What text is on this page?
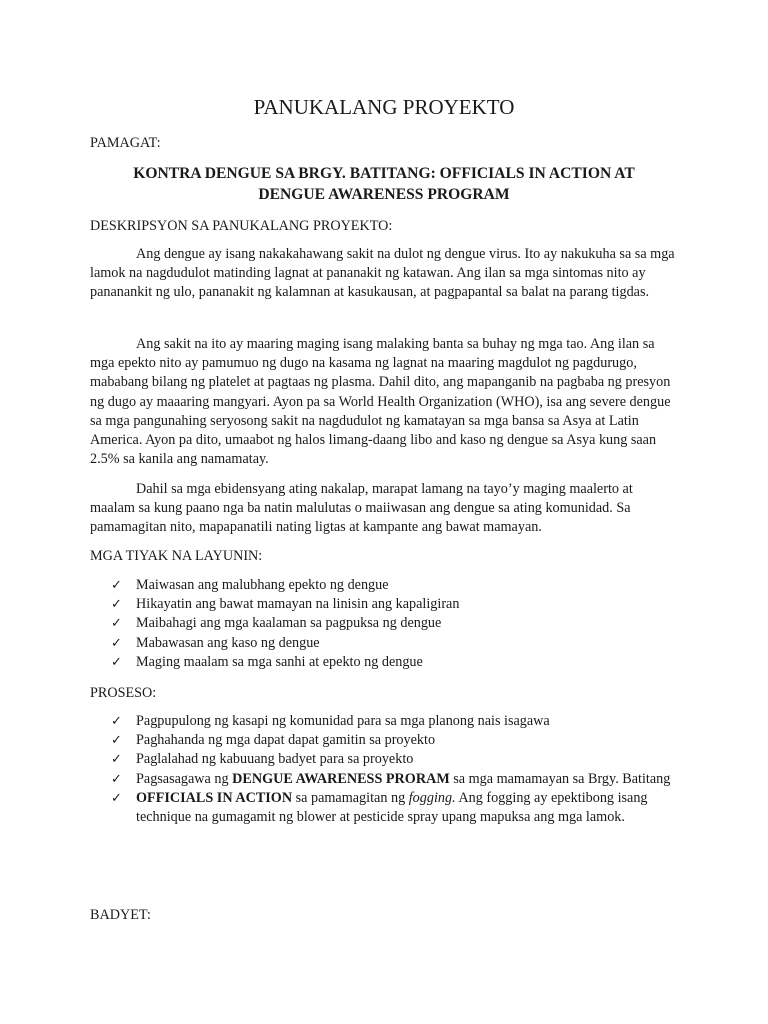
PANUKALANG PROYEKTO

PAMAGAT:

KONTRA DENGUE SA BRGY. BATITANG: OFFICIALS IN ACTION AT
DENGUE AWARENESS PROGRAM

DESKRIPSYON SA PANUKALANG PROYEKTO:

Ang dengue ay isang nakakahawang sakit na dulot ng dengue virus. Ito ay nakukuha sa sa mga lamok na nagdudulot matinding lagnat at pananakit ng katawan. Ang ilan sa mga sintomas nito ay pananankit ng ulo, pananakit ng kalamnan at kasukausan, at pagpapantal sa balat na parang tigdas.

Ang sakit na ito ay maaring maging isang malaking banta sa buhay ng mga tao. Ang ilan sa mga epekto nito ay pamumuo ng dugo na kasama ng lagnat na maaring magdulot ng pagdurugo, mababang bilang ng platelet at pagtaas ng plasma. Dahil dito, ang mapanganib na pagbaba ng presyon ng dugo ay maaaring mangyari. Ayon pa sa World Health Organization (WHO), isa ang severe dengue sa mga pangunahing seryosong sakit na nagdudulot ng kamatayan sa mga bansa sa Asya at Latin America. Ayon pa dito, umaabot ng halos limang-daang libo and kaso ng dengue sa Asya kung saan 2.5% sa kanila ang namamatay.

Dahil sa mga ebidensyang ating nakalap, marapat lamang na tayo’y maging maalerto at maalam sa kung paano nga ba natin malulutas o maiiwasan ang dengue sa ating komunidad. Sa pamamagitan nito, mapapanatili nating ligtas at kampante ang bawat mamayan.

MGA TIYAK NA LAYUNIN:

✓ Maiwasan ang malubhang epekto ng dengue
✓ Hikayatin ang bawat mamayan na linisin ang kapaligiran
✓ Maibahagi ang mga kaalaman sa pagpuksa ng dengue
✓ Mabawasan ang kaso ng dengue
✓ Maging maalam sa mga sanhi at epekto ng dengue

PROSESO:

✓ Pagpupulong ng kasapi ng komunidad para sa mga planong nais isagawa
✓ Paghahanda ng mga dapat dapat gamitin sa proyekto
✓ Paglalahad ng kabuuang badyet para sa proyekto
✓ Pagsasagawa ng DENGUE AWARENESS PRORAM sa mga mamamayan sa Brgy. Batitang
✓ OFFICIALS IN ACTION sa pamamagitan ng fogging. Ang fogging ay epektibong isang technique na gumagamit ng blower at pesticide spray upang mapuksa ang mga lamok.

BADYET:
